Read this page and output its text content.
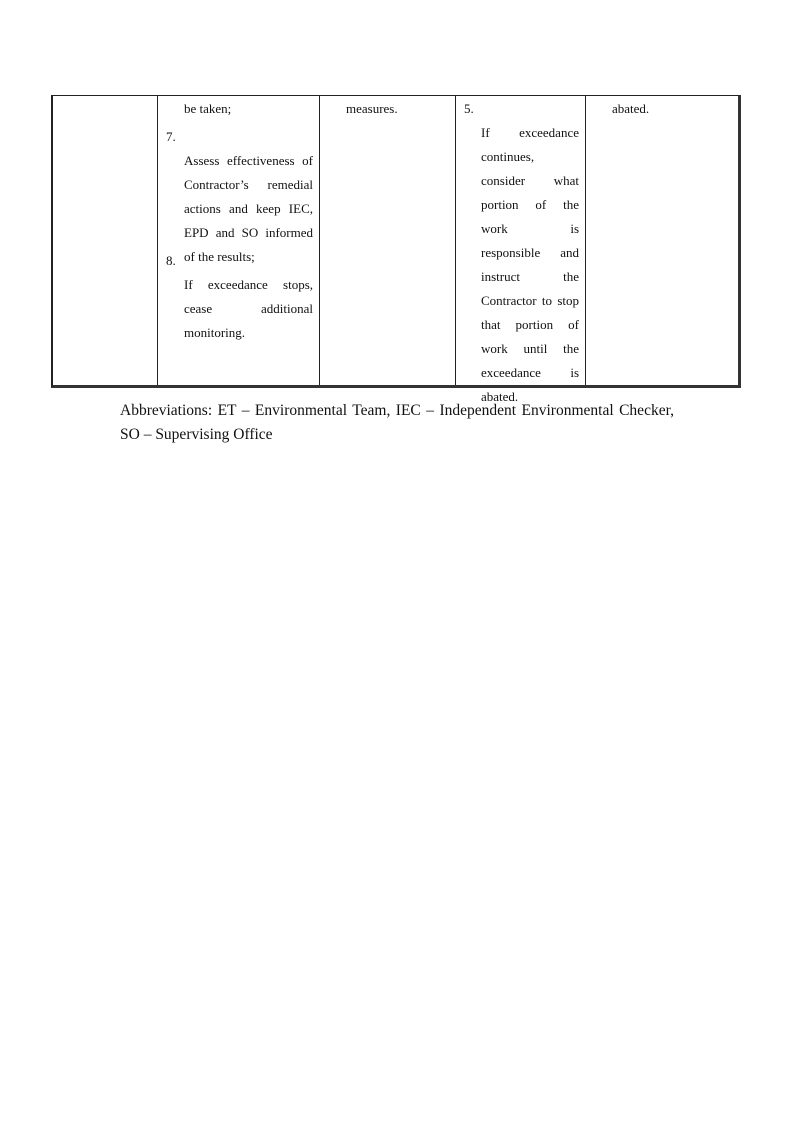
be taken;
7.
Assess effectiveness of
Contractor’s remedial
actions and keep IEC,
EPD and SO informed
of the results;
8.
If exceedance stops,
cease additional
monitoring.
measures.	5.
If exceedance
continues,
consider what
portion of the
work is
responsible and
instruct the
Contractor to stop
that portion of
work until the
exceedance is
abated.
abated.

Abbreviations: ET – Environmental Team, IEC – Independent Environmental Checker, SO – Supervising Office
